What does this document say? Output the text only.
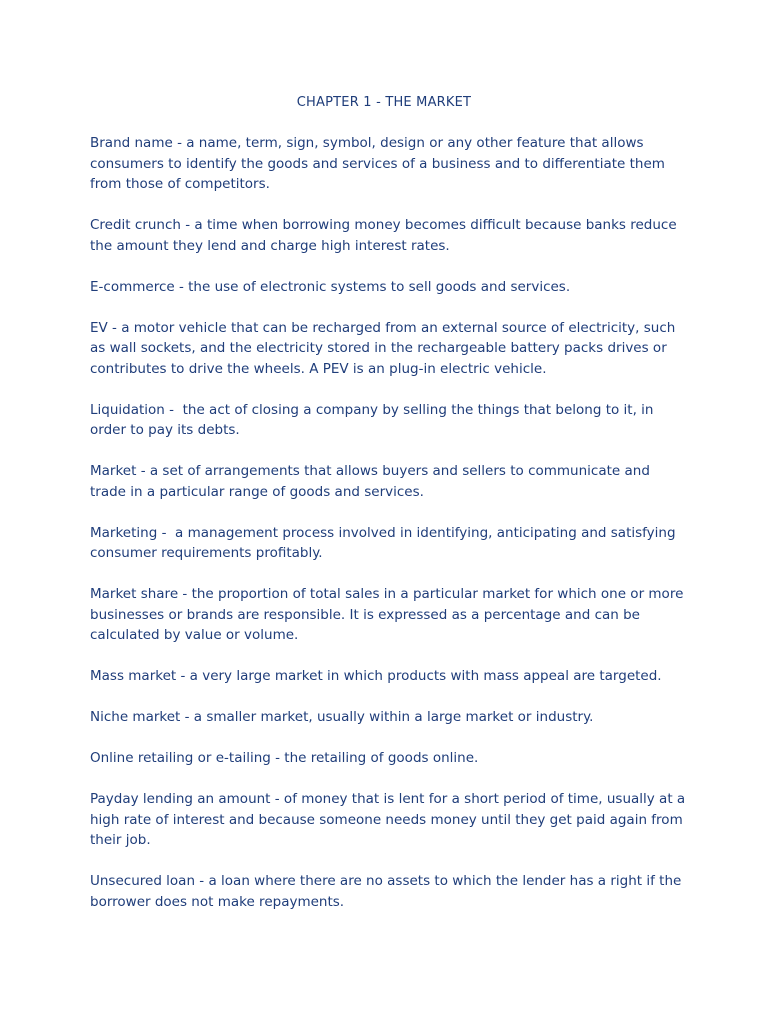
CHAPTER 1 - THE MARKET

Brand name - a name, term, sign, symbol, design or any other feature that allows consumers to identify the goods and services of a business and to differentiate them from those of competitors.

Credit crunch - a time when borrowing money becomes difficult because banks reduce the amount they lend and charge high interest rates.

E-commerce - the use of electronic systems to sell goods and services.

EV - a motor vehicle that can be recharged from an external source of electricity, such as wall sockets, and the electricity stored in the rechargeable battery packs drives or contributes to drive the wheels. A PEV is an plug-in electric vehicle.

Liquidation -  the act of closing a company by selling the things that belong to it, in order to pay its debts.

Market - a set of arrangements that allows buyers and sellers to communicate and trade in a particular range of goods and services.

Marketing -  a management process involved in identifying, anticipating and satisfying consumer requirements profitably.

Market share - the proportion of total sales in a particular market for which one or more businesses or brands are responsible. It is expressed as a percentage and can be calculated by value or volume.

Mass market - a very large market in which products with mass appeal are targeted.

Niche market - a smaller market, usually within a large market or industry.

Online retailing or e-tailing - the retailing of goods online.

Payday lending an amount - of money that is lent for a short period of time, usually at a high rate of interest and because someone needs money until they get paid again from their job.

Unsecured loan - a loan where there are no assets to which the lender has a right if the borrower does not make repayments.
